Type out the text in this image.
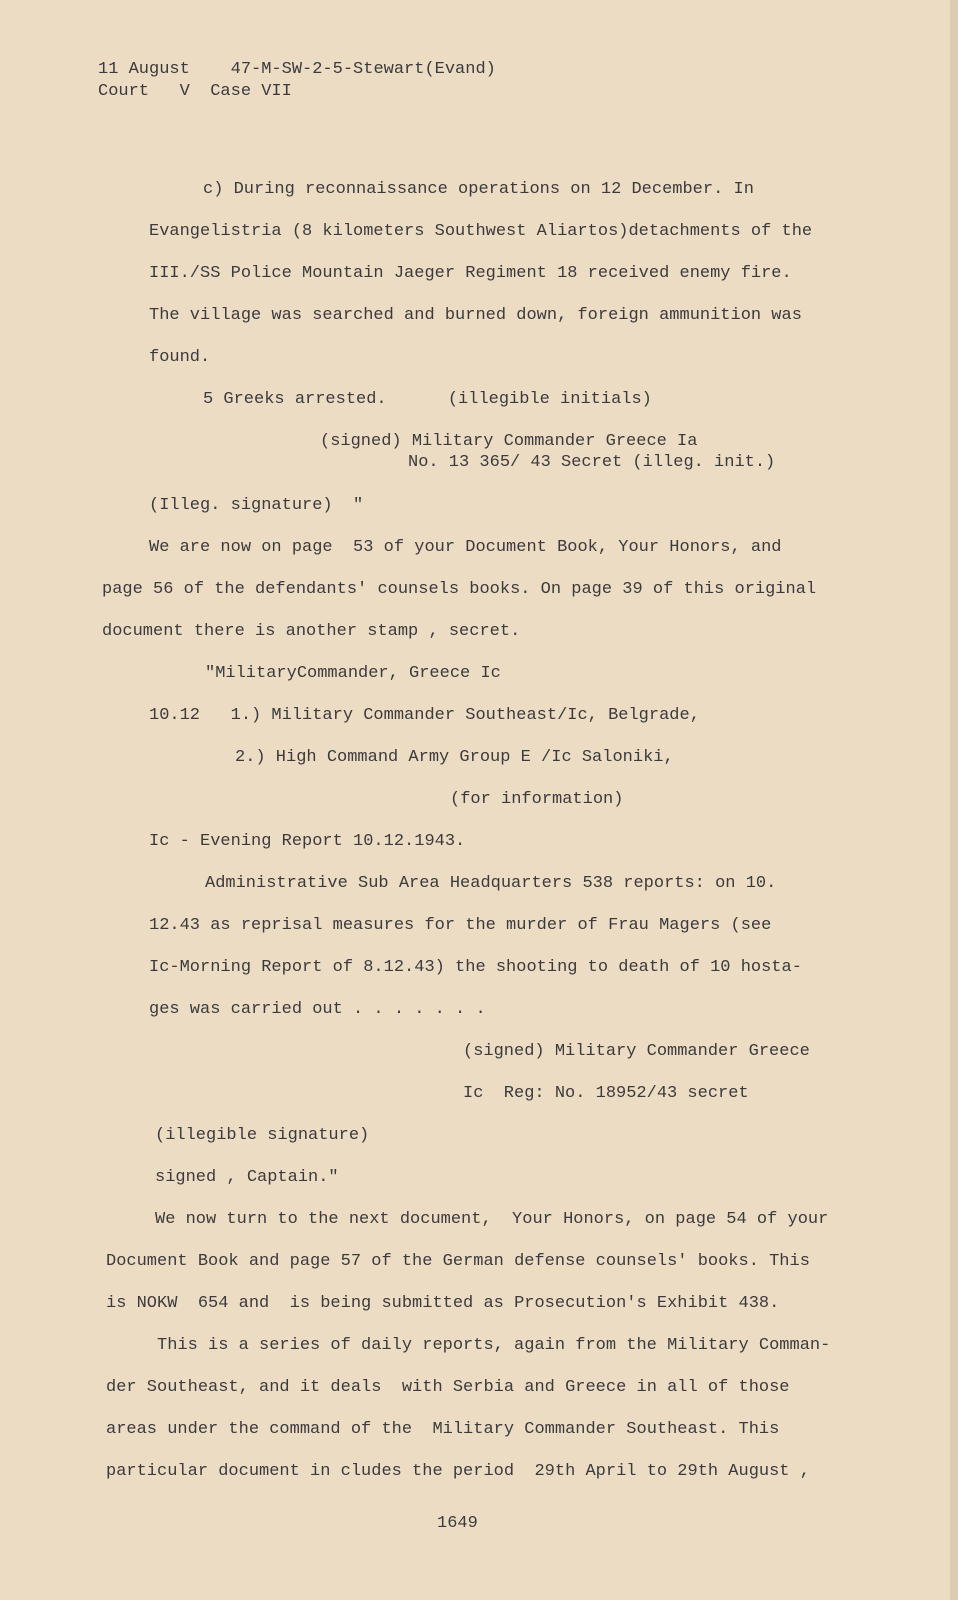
11 August    47-M-SW-2-5-Stewart(Evand)
Court   V  Case VII
c) During reconnaissance operations on 12 December. In
Evangelistria (8 kilometers Southwest Aliartos)detachments of the
III./SS Police Mountain Jaeger Regiment 18 received enemy fire.
The village was searched and burned down, foreign ammunition was
found.
5 Greeks arrested.      (illegible initials)
(signed) Military Commander Greece Ia
No. 13 365/ 43 Secret (illeg. init.)
(Illeg. signature)  "
We are now on page  53 of your Document Book, Your Honors, and
page 56 of the defendants' counsels books. On page 39 of this original
document there is another stamp , secret.
"MilitaryCommander, Greece Ic
10.12   1.) Military Commander Southeast/Ic, Belgrade,
2.) High Command Army Group E /Ic Saloniki,
(for information)
Ic - Evening Report 10.12.1943.
Administrative Sub Area Headquarters 538 reports: on 10.
12.43 as reprisal measures for the murder of Frau Magers (see
Ic-Morning Report of 8.12.43) the shooting to death of 10 hosta-
ges was carried out . . . . . . .
(signed) Military Commander Greece
Ic  Reg: No. 18952/43 secret
(illegible signature)
signed , Captain."
We now turn to the next document,  Your Honors, on page 54 of your
Document Book and page 57 of the German defense counsels' books. This
is NOKW  654 and  is being submitted as Prosecution's Exhibit 438.
This is a series of daily reports, again from the Military Comman-
der Southeast, and it deals  with Serbia and Greece in all of those
areas under the command of the  Military Commander Southeast. This
particular document in cludes the period  29th April to 29th August ,
1649
